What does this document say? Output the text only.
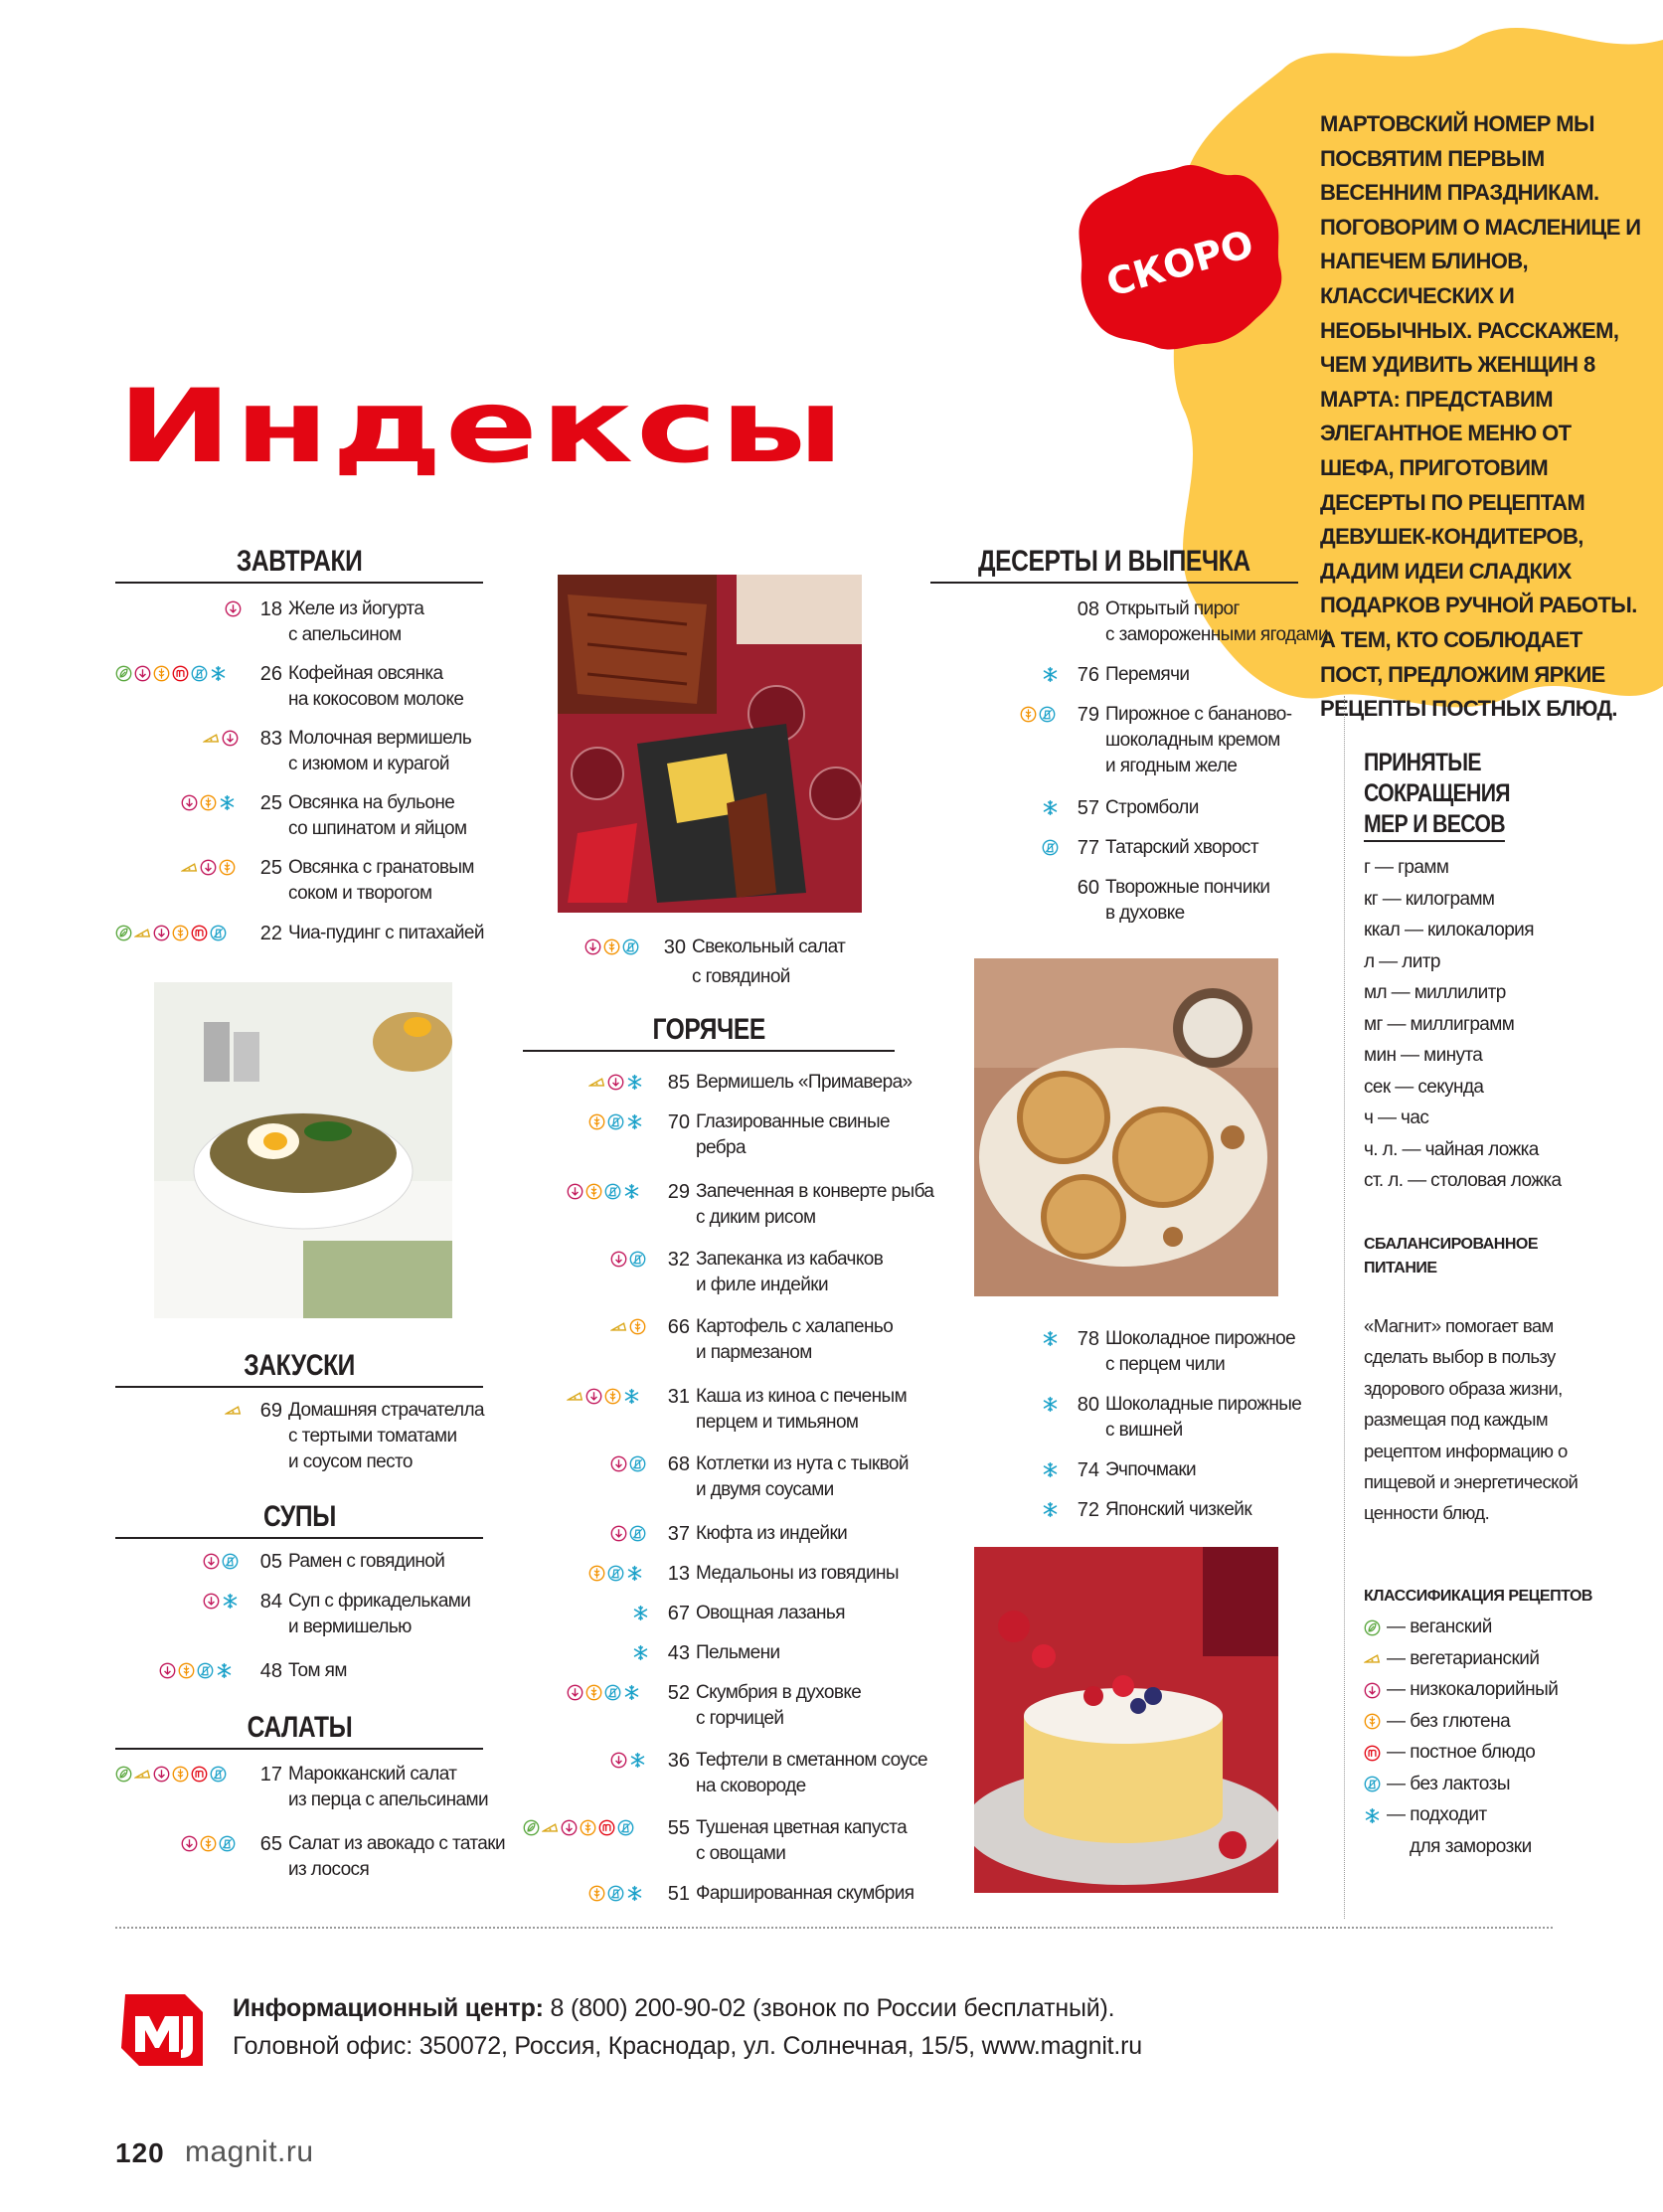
СКОРО
МАРТОВСКИЙ НОМЕР МЫ ПОСВЯТИМ ПЕРВЫМ ВЕСЕННИМ ПРАЗДНИКАМ. ПОГОВОРИМ О МАСЛЕНИЦЕ И НАПЕЧЕМ БЛИНОВ, КЛАССИЧЕСКИХ И НЕОБЫЧНЫХ. РАССКАЖЕМ, ЧЕМ УДИВИТЬ ЖЕНЩИН 8 МАРТА: ПРЕДСТАВИМ ЭЛЕГАНТНОЕ МЕНЮ ОТ ШЕФА, ПРИГОТОВИМ ДЕСЕРТЫ ПО РЕЦЕПТАМ ДЕВУШЕК-КОНДИТЕРОВ, ДАДИМ ИДЕИ СЛАДКИХ ПОДАРКОВ РУЧНОЙ РАБОТЫ. А ТЕМ, КТО СОБЛЮДАЕТ ПОСТ, ПРЕДЛОЖИМ ЯРКИЕ РЕЦЕПТЫ ПОСТНЫХ БЛЮД.
Индексы
ЗАВТРАКИ
18 Желе из йогурта
с апельсином
26 Кофейная овсянка
на кокосовом молоке
83 Молочная вермишель
с изюмом и курагой
25 Овсянка на бульоне
со шпинатом и яйцом
25 Овсянка с гранатовым
соком и творогом
22 Чиа-пудинг с питахайей
ЗАКУСКИ
69 Домашняя страчателла
с тертыми томатами
и соусом песто
СУПЫ
05 Рамен с говядиной
84 Суп с фрикадельками
и вермишелью
48 Том ям
САЛАТЫ
17 Марокканский салат
из перца с апельсинами
65 Салат из авокадо с татаки
из лосося
30 Свекольный салат
с говядиной
ГОРЯЧЕЕ
85 Вермишель «Примавера»
70 Глазированные свиные
ребра
29 Запеченная в конверте рыба
с диким рисом
32 Запеканка из кабачков
и филе индейки
66 Картофель с халапеньо
и пармезаном
31 Каша из киноа с печеным
перцем и тимьяном
68 Котлетки из нута с тыквой
и двумя соусами
37 Кюфта из индейки
13 Медальоны из говядины
67 Овощная лазанья
43 Пельмени
52 Скумбрия в духовке
с горчицей
36 Тефтели в сметанном соусе
на сковороде
55 Тушеная цветная капуста
с овощами
51 Фаршированная скумбрия
ДЕСЕРТЫ И ВЫПЕЧКА
08 Открытый пирог
с замороженными ягодами
76 Перемячи
79 Пирожное с бананово-
шоколадным кремом
и ягодным желе
57 Стромболи
77 Татарский хворост
60 Творожные пончики
в духовке
78 Шоколадное пирожное
с перцем чили
80 Шоколадные пирожные
с вишней
74 Эчпочмаки
72 Японский чизкейк
ПРИНЯТЫЕ
СОКРАЩЕНИЯ
МЕР И ВЕСОВ
г — грамм
кг — килограмм
ккал — килокалория
л — литр
мл — миллилитр
мг — миллиграмм
мин — минута
сек — секунда
ч — час
ч. л. — чайная ложка
ст. л. — столовая ложка
СБАЛАНСИРОВАННОЕ
ПИТАНИЕ
«Магнит» помогает вам сделать выбор в пользу здорового образа жизни, размещая под каждым рецептом информацию о пищевой и энергетической ценности блюд.
КЛАССИФИКАЦИЯ РЕЦЕПТОВ
— веганский
— вегетарианский
— низкокалорийный
— без глютена
— постное блюдо
— без лактозы
— подходит
для заморозки
Информационный центр: 8 (800) 200-90-02 (звонок по России бесплатный).
Головной офис: 350072, Россия, Краснодар, ул. Солнечная, 15/5, www.magnit.ru
120 magnit.ru
